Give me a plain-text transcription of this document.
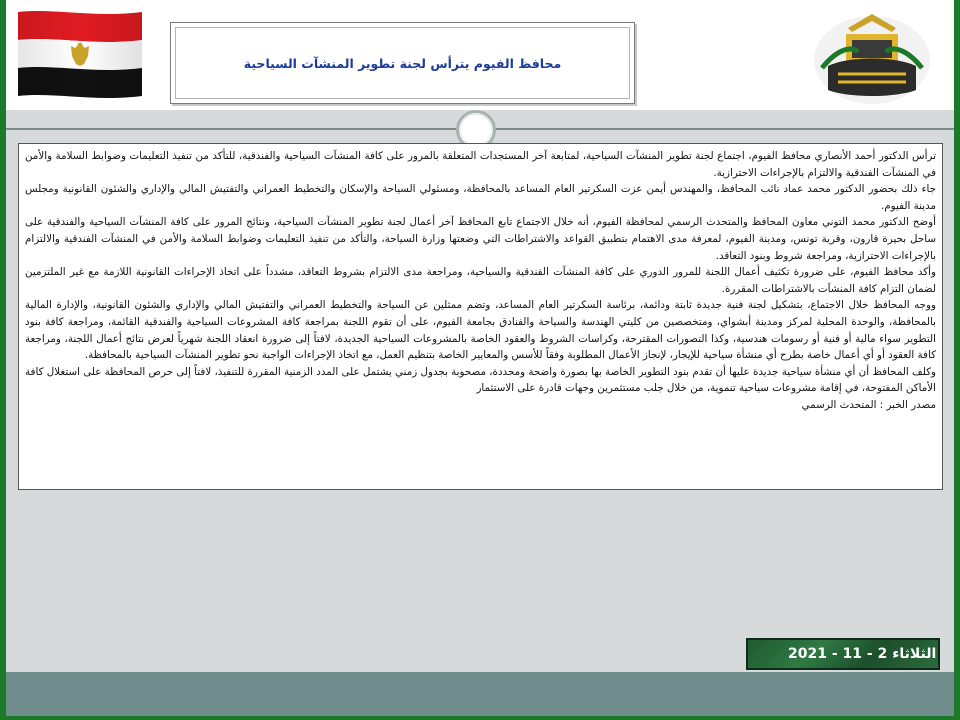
محافظ الفيوم يترأس لجنة تطوير المنشآت السياحية

ترأس الدكتور أحمد الأنصاري محافظ الفيوم، اجتماع لجنة تطوير المنشآت السياحية، لمتابعة آخر المستجدات المتعلقة بالمرور على كافة المنشآت السياحية والفندقية، للتأكد من تنفيذ التعليمات وضوابط السلامة والأمن في المنشآت الفندقية والالتزام بالإجراءات الاحترازية.

جاء ذلك بحضور الدكتور محمد عماد نائب المحافظ، والمهندس أيمن عزت السكرتير العام المساعد بالمحافظة، ومسئولي السياحة والإسكان والتخطيط العمراني والتفتيش المالي والإداري والشئون القانونية ومجلس مدينة الفيوم.

أوضح الدكتور محمد التوني معاون المحافظ والمتحدث الرسمي لمحافظة الفيوم، أنه خلال الاجتماع تابع المحافظ آخر أعمال لجنة تطوير المنشآت السياحية، ونتائج المرور على كافة المنشآت السياحية والفندقية على ساحل بحيرة قارون، وقرية تونس، ومدينة الفيوم، لمعرفة مدى الاهتمام بتطبيق القواعد والاشتراطات التي وضعتها وزارة السياحة، والتأكد من تنفيذ التعليمات وضوابط السلامة والأمن في المنشآت الفندقية والالتزام بالإجراءات الاحترازية، ومراجعة شروط وبنود التعاقد.

وأكد محافظ الفيوم، على ضرورة تكثيف أعمال اللجنة للمرور الدوري على كافة المنشآت الفندقية والسياحية، ومراجعة مدى الالتزام بشروط التعاقد، مشدداً على اتخاذ الإجراءات القانونية اللازمة مع غير الملتزمين لضمان التزام كافة المنشآت بالاشتراطات المقررة.

ووجه المحافظ خلال الاجتماع، بتشكيل لجنة فنية جديدة ثابتة ودائمة، برئاسة السكرتير العام المساعد، وتضم ممثلين عن السياحة والتخطيط العمراني والتفتيش المالي والإداري والشئون القانونية، والإدارة المالية بالمحافظة، والوحدة المحلية لمركز ومدينة أبشواي، ومتخصصين من كليتي الهندسة والسياحة والفنادق بجامعة الفيوم، على أن تقوم اللجنة بمراجعة كافة المشروعات السياحية والفندقية القائمة، ومراجعة كافة بنود التطوير سواء مالية أو فنية أو رسومات هندسية، وكذا التصورات المقترحة، وكراسات الشروط والعقود الخاصة بالمشروعات السياحية الجديدة، لافتاً إلى ضرورة انعقاد اللجنة شهرياً لعرض نتائج أعمال اللجنة، ومراجعة كافة العقود أو أي أعمال خاصة بطرح أي منشأة سياحية للإيجار، لإنجاز الأعمال المطلوبة وفقاً للأسس والمعايير الخاصة بتنظيم العمل، مع اتخاذ الإجراءات الواجبة نحو تطوير المنشآت السياحية بالمحافظة.

وكلف المحافظ أن أي منشأة سياحية جديدة عليها أن تقدم بنود التطوير الخاصة بها بصورة واضحة ومحددة، مصحوبة بجدول زمني يشتمل على المدد الزمنية المقررة للتنفيذ، لافتاً إلى حرص المحافظة على استغلال كافة الأماكن المفتوحة، في إقامة مشروعات سياحية تنموية، من خلال جلب مستثمرين وجهات قادرة على الاستثمار

مصدر الخبر : المتحدث الرسمي

الثلاثاء 2 - 11 - 2021
